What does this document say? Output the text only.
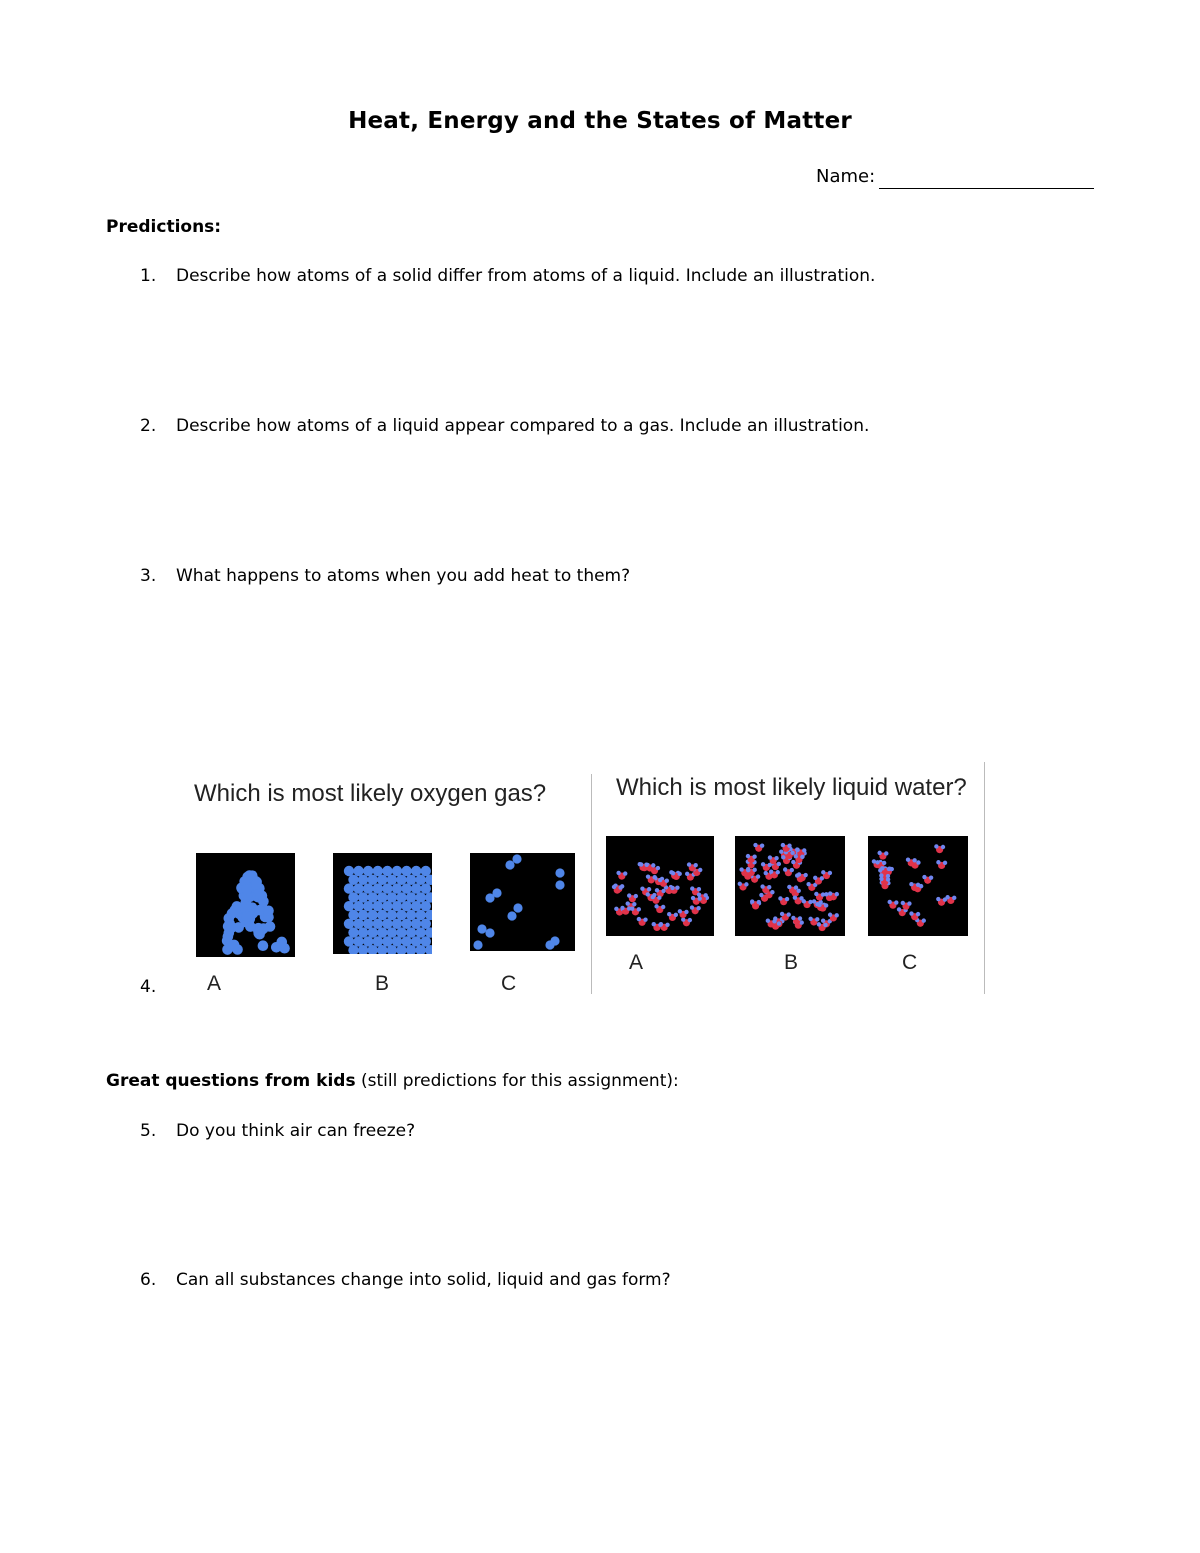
Heat, Energy and the States of Matter
Name:
Predictions:
1. Describe how atoms of a solid differ from atoms of a liquid. Include an illustration.
2. Describe how atoms of a liquid appear compared to a gas. Include an illustration.
3. What happens to atoms when you add heat to them?
4.
Which is most likely oxygen gas?
A	B	C
Which is most likely liquid water?
A	B	C
Great questions from kids (still predictions for this assignment):
5. Do you think air can freeze?
6. Can all substances change into solid, liquid and gas form?
